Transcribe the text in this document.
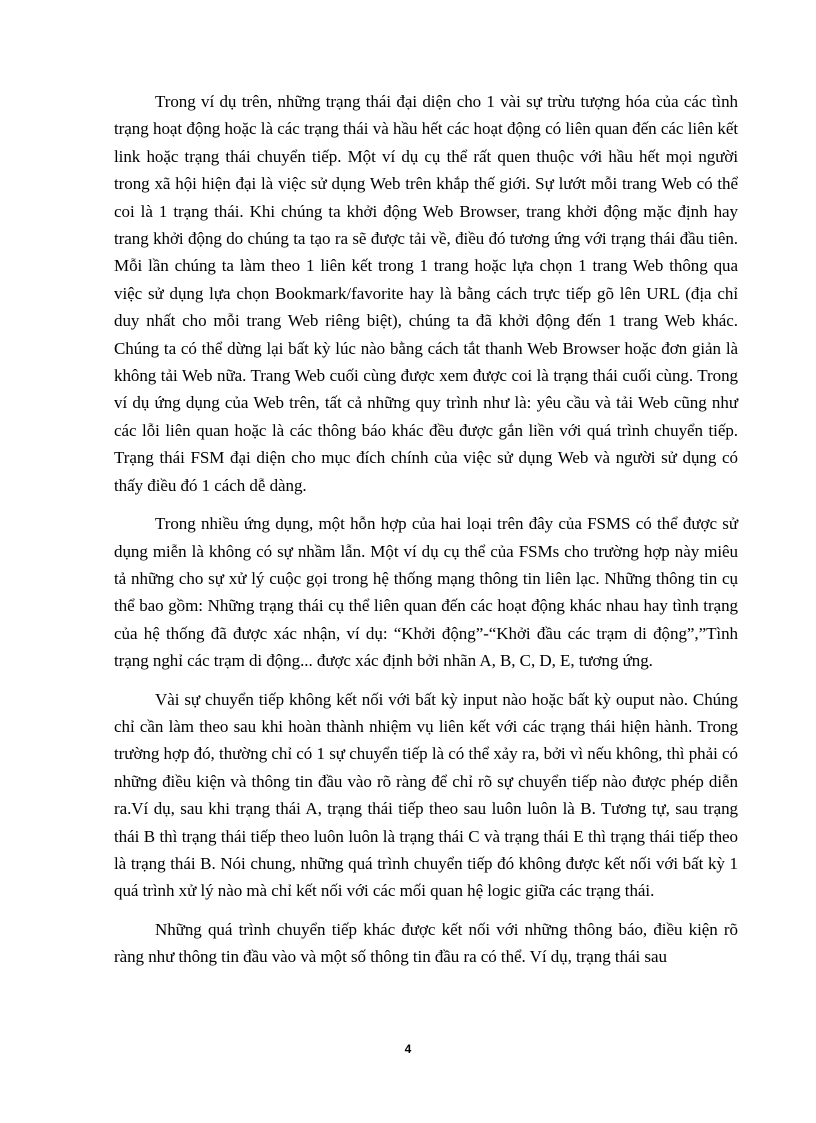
Trong ví dụ trên, những trạng thái đại diện cho 1 vài sự trừu tượng hóa của các tình trạng hoạt động hoặc là các trạng thái và hầu hết các hoạt động có liên quan đến các liên kết link hoặc trạng thái chuyển tiếp. Một ví dụ cụ thể rất quen thuộc với hầu hết mọi người trong xã hội hiện đại là việc sử dụng Web trên khắp thế giới. Sự lướt mỗi trang Web có thể coi là 1 trạng thái. Khi chúng ta khởi động Web Browser, trang khởi động mặc định hay trang khởi động do chúng ta tạo ra sẽ được tải về, điều đó tương ứng với trạng thái đầu tiên. Mỗi lần chúng ta làm theo 1 liên kết trong 1 trang hoặc lựa chọn 1 trang Web thông qua việc sử dụng lựa chọn Bookmark/favorite hay là bằng cách trực tiếp gõ lên URL (địa chỉ duy nhất cho mỗi trang Web riêng biệt), chúng ta đã khởi động đến 1 trang Web khác. Chúng ta có thể dừng lại bất kỳ lúc nào bằng cách tắt thanh Web Browser hoặc đơn giản là không tải Web nữa. Trang Web cuối cùng được xem được coi là trạng thái cuối cùng. Trong ví dụ ứng dụng của Web trên, tất cả những quy trình như là: yêu cầu và tải Web cũng như các lỗi liên quan hoặc là các thông báo khác đều được gắn liền với quá trình chuyển tiếp. Trạng thái FSM đại diện cho mục đích chính của việc sử dụng Web và người sử dụng có thấy điều đó 1 cách dễ dàng.

Trong nhiều ứng dụng, một hỗn hợp của hai loại trên đây của FSMS có thể được sử dụng miễn là không có sự nhầm lẫn. Một ví dụ cụ thể của FSMs cho trường hợp này miêu tả những cho sự xử lý cuộc gọi trong hệ thống mạng thông tin liên lạc. Những thông tin cụ thể bao gồm: Những trạng thái cụ thể liên quan đến các hoạt động khác nhau hay tình trạng của hệ thống đã được xác nhận, ví dụ: “Khởi động”-“Khởi đầu các trạm di động”,”Tình trạng nghỉ các trạm di động... được xác định bởi nhãn A, B, C, D, E, tương ứng.

Vài sự chuyển tiếp không kết nối với bất kỳ input nào hoặc bất kỳ ouput nào. Chúng chỉ cần làm theo sau khi hoàn thành nhiệm vụ liên kết với các trạng thái hiện hành. Trong trường hợp đó, thường chỉ có 1 sự chuyển tiếp là có thể xảy ra, bởi vì nếu không, thì phải có những điều kiện và thông tin đầu vào rõ ràng để chỉ rõ sự chuyển tiếp nào được phép diễn ra.Ví dụ, sau khi trạng thái A, trạng thái tiếp theo sau luôn luôn là B. Tương tự, sau trạng thái B thì trạng thái tiếp theo luôn luôn là trạng thái C và trạng thái E thì trạng thái tiếp theo là trạng thái B. Nói chung, những quá trình chuyển tiếp đó không được kết nối với bất kỳ 1 quá trình xử lý nào mà chỉ kết nối với các mối quan hệ logic giữa các trạng thái.

Những quá trình chuyển tiếp khác được kết nối với những thông báo, điều kiện rõ ràng như thông tin đầu vào và một số thông tin đầu ra có thể. Ví dụ, trạng thái sau

4
